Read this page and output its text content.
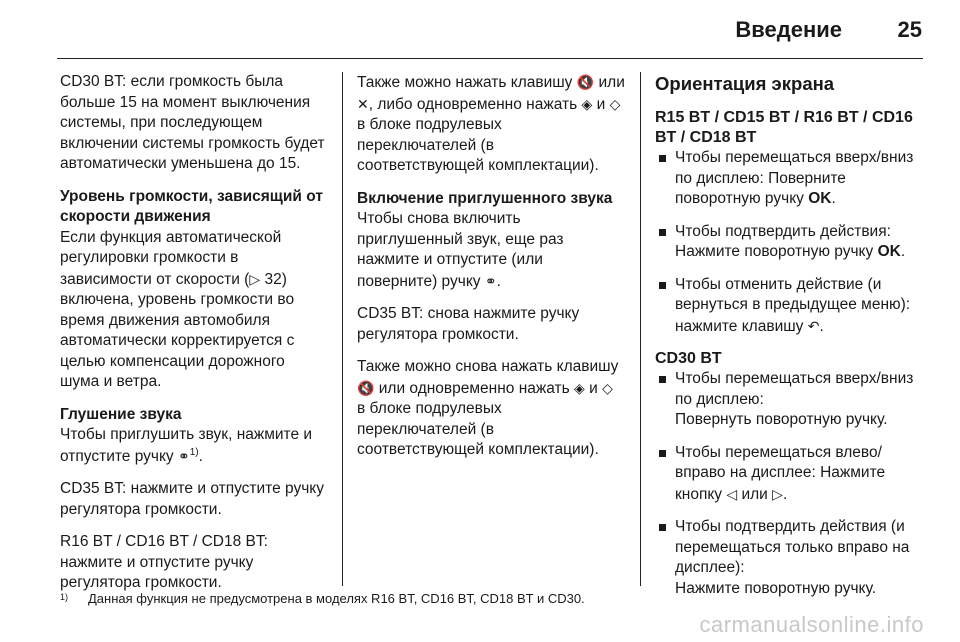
Введение	25

CD30 BT: если громкость была больше 15 на момент выключения системы, при последующем включении системы громкость будет автоматически уменьшена до 15.

Уровень громкости, зависящий от скорости движения
Если функция автоматической регулировки громкости в зависимости от скорости (▷ 32) включена, уровень громкости во время движения автомобиля автоматически корректируется с целью компенсации дорожного шума и ветра.

Глушение звука
Чтобы приглушить звук, нажмите и отпустите ручку ⚭$^{1)}$.

CD35 BT: нажмите и отпустите ручку регулятора громкости.

R16 BT / CD16 BT / CD18 BT: нажмите и отпустите ручку регулятора громкости.

Также можно нажать клавишу 🔇 или ✕, либо одновременно нажать ◈ и ◇ в блоке подрулевых переключателей (в соответствующей комплектации).

Включение приглушенного звука
Чтобы снова включить приглушенный звук, еще раз нажмите и отпустите (или поверните) ручку ⚭.

CD35 BT: снова нажмите ручку регулятора громкости.

Также можно снова нажать клавишу 🔇 или одновременно нажать ◈ и ◇ в блоке подрулевых переключателей (в соответствующей комплектации).

Ориентация экрана
R15 BT / CD15 BT / R16 BT / CD16 BT / CD18 BT
Чтобы перемещаться вверх/вниз по дисплею: Поверните поворотную ручку OK.
Чтобы подтвердить действия: Нажмите поворотную ручку OK.
Чтобы отменить действие (и вернуться в предыдущее меню): нажмите клавишу ↶.
CD30 BT
Чтобы перемещаться вверх/вниз по дисплею:
Повернуть поворотную ручку.
Чтобы перемещаться влево/вправо на дисплее: Нажмите кнопку ◁ или ▷.
Чтобы подтвердить действия (и перемещаться только вправо на дисплее):
Нажмите поворотную ручку.
1) Данная функция не предусмотрена в моделях R16 BT, CD16 BT, CD18 BT и CD30.
carmanualsonline.info
